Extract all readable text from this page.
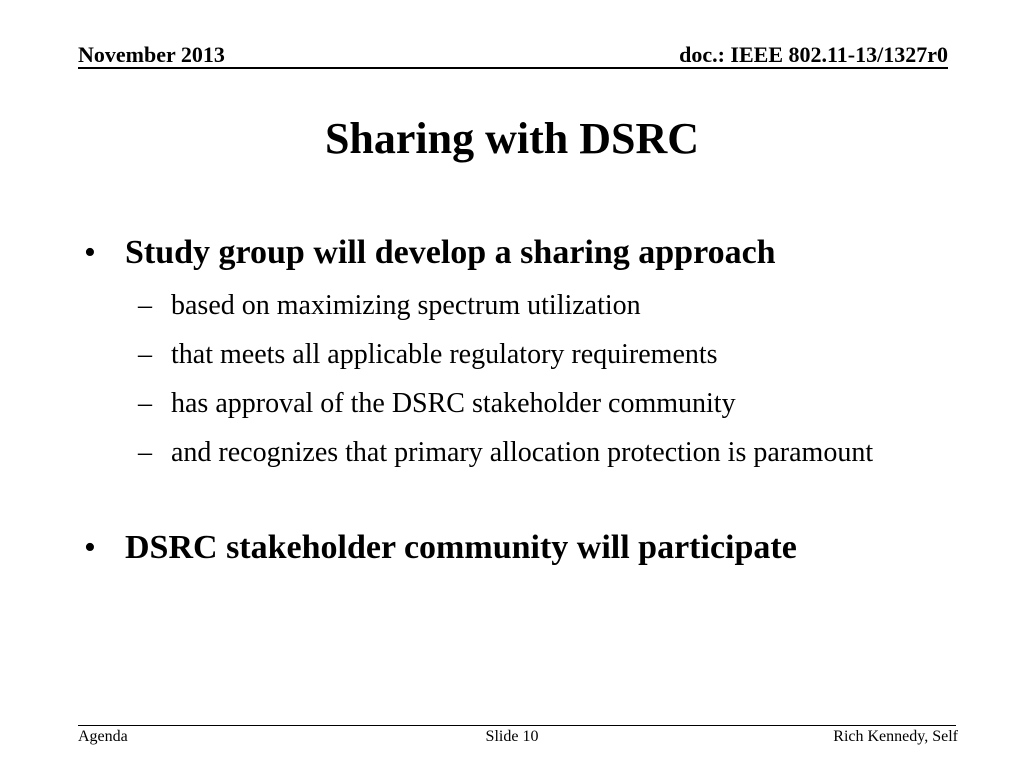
November 2013	doc.: IEEE 802.11-13/1327r0
Sharing with DSRC
• Study group will develop a sharing approach
– based on maximizing spectrum utilization
– that meets all applicable regulatory requirements
– has approval of the DSRC stakeholder community
– and recognizes that primary allocation protection is paramount
• DSRC stakeholder community will participate
Agenda	Slide 10	Rich Kennedy, Self
